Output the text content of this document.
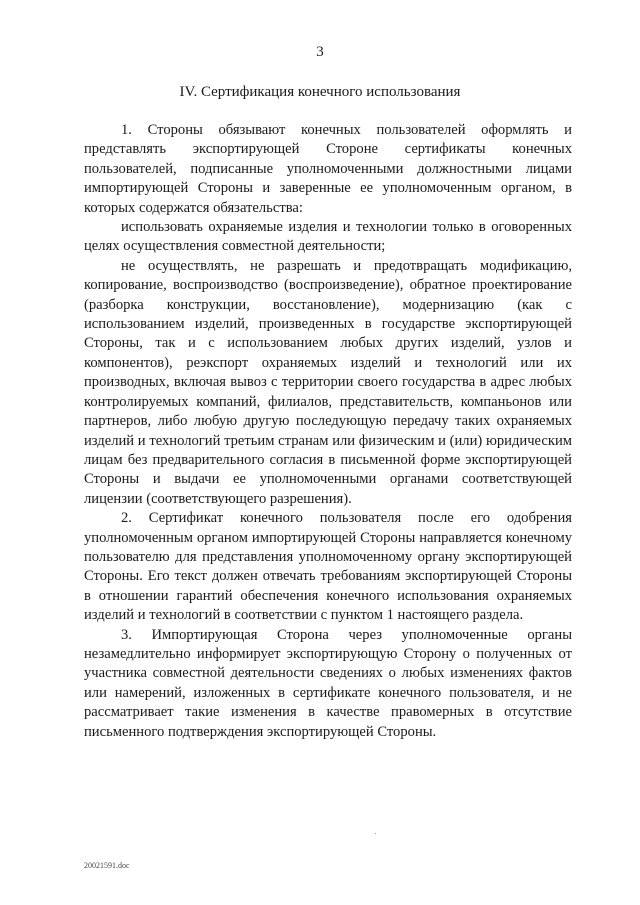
3
IV. Сертификация конечного использования

1. Стороны обязывают конечных пользователей оформлять и представлять экспортирующей Стороне сертификаты конечных пользователей, подписанные уполномоченными должностными лицами импортирующей Стороны и заверенные ее уполномоченным органом, в которых содержатся обязательства:

использовать охраняемые изделия и технологии только в оговоренных целях осуществления совместной деятельности;

не осуществлять, не разрешать и предотвращать модификацию, копирование, воспроизводство (воспроизведение), обратное проектирование (разборка конструкции, восстановление), модернизацию (как с использованием изделий, произведенных в государстве экспортирующей Стороны, так и с использованием любых других изделий, узлов и компонентов), реэкспорт охраняемых изделий и технологий или их производных, включая вывоз с территории своего государства в адрес любых контролируемых компаний, филиалов, представительств, компаньонов или партнеров, либо любую другую последующую передачу таких охраняемых изделий и технологий третьим странам или физическим и (или) юридическим лицам без предварительного согласия в письменной форме экспортирующей Стороны и выдачи ее уполномоченными органами соответствующей лицензии (соответствующего разрешения).

2. Сертификат конечного пользователя после его одобрения уполномоченным органом импортирующей Стороны направляется конечному пользователю для представления уполномоченному органу экспортирующей Стороны. Его текст должен отвечать требованиям экспортирующей Стороны в отношении гарантий обеспечения конечного использования охраняемых изделий и технологий в соответствии с пунктом 1 настоящего раздела.

3. Импортирующая Сторона через уполномоченные органы незамедлительно информирует экспортирующую Сторону о полученных от участника совместной деятельности сведениях о любых изменениях фактов или намерений, изложенных в сертификате конечного пользователя, и не рассматривает такие изменения в качестве правомерных в отсутствие письменного подтверждения экспортирующей Стороны.

20021591.doc
